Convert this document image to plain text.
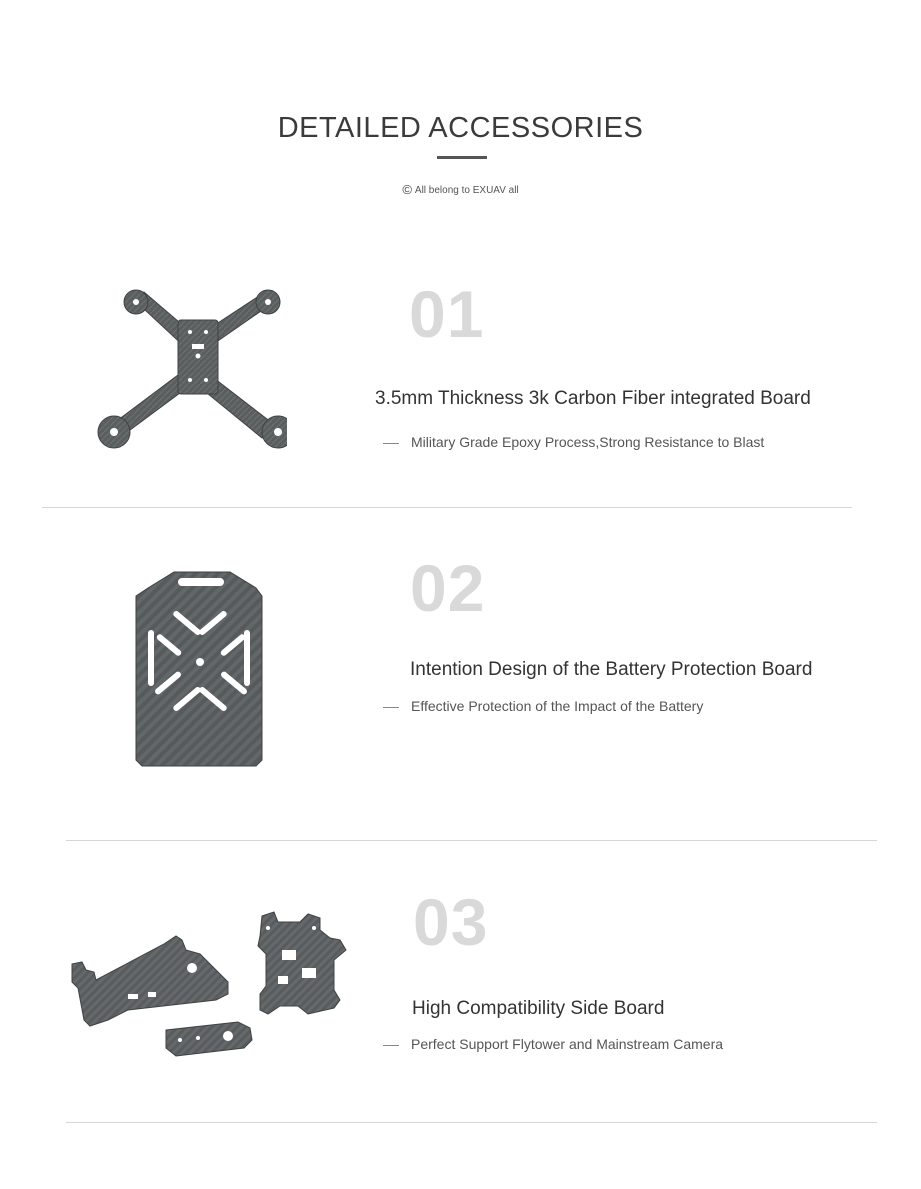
DETAILED ACCESSORIES
© All belong to EXUAV all
01
3.5mm Thickness 3k Carbon Fiber integrated Board
Military Grade Epoxy Process,Strong Resistance to Blast
02
Intention Design of the Battery Protection Board
Effective Protection of the Impact of the Battery
03
High Compatibility Side Board
Perfect Support Flytower and Mainstream Camera
